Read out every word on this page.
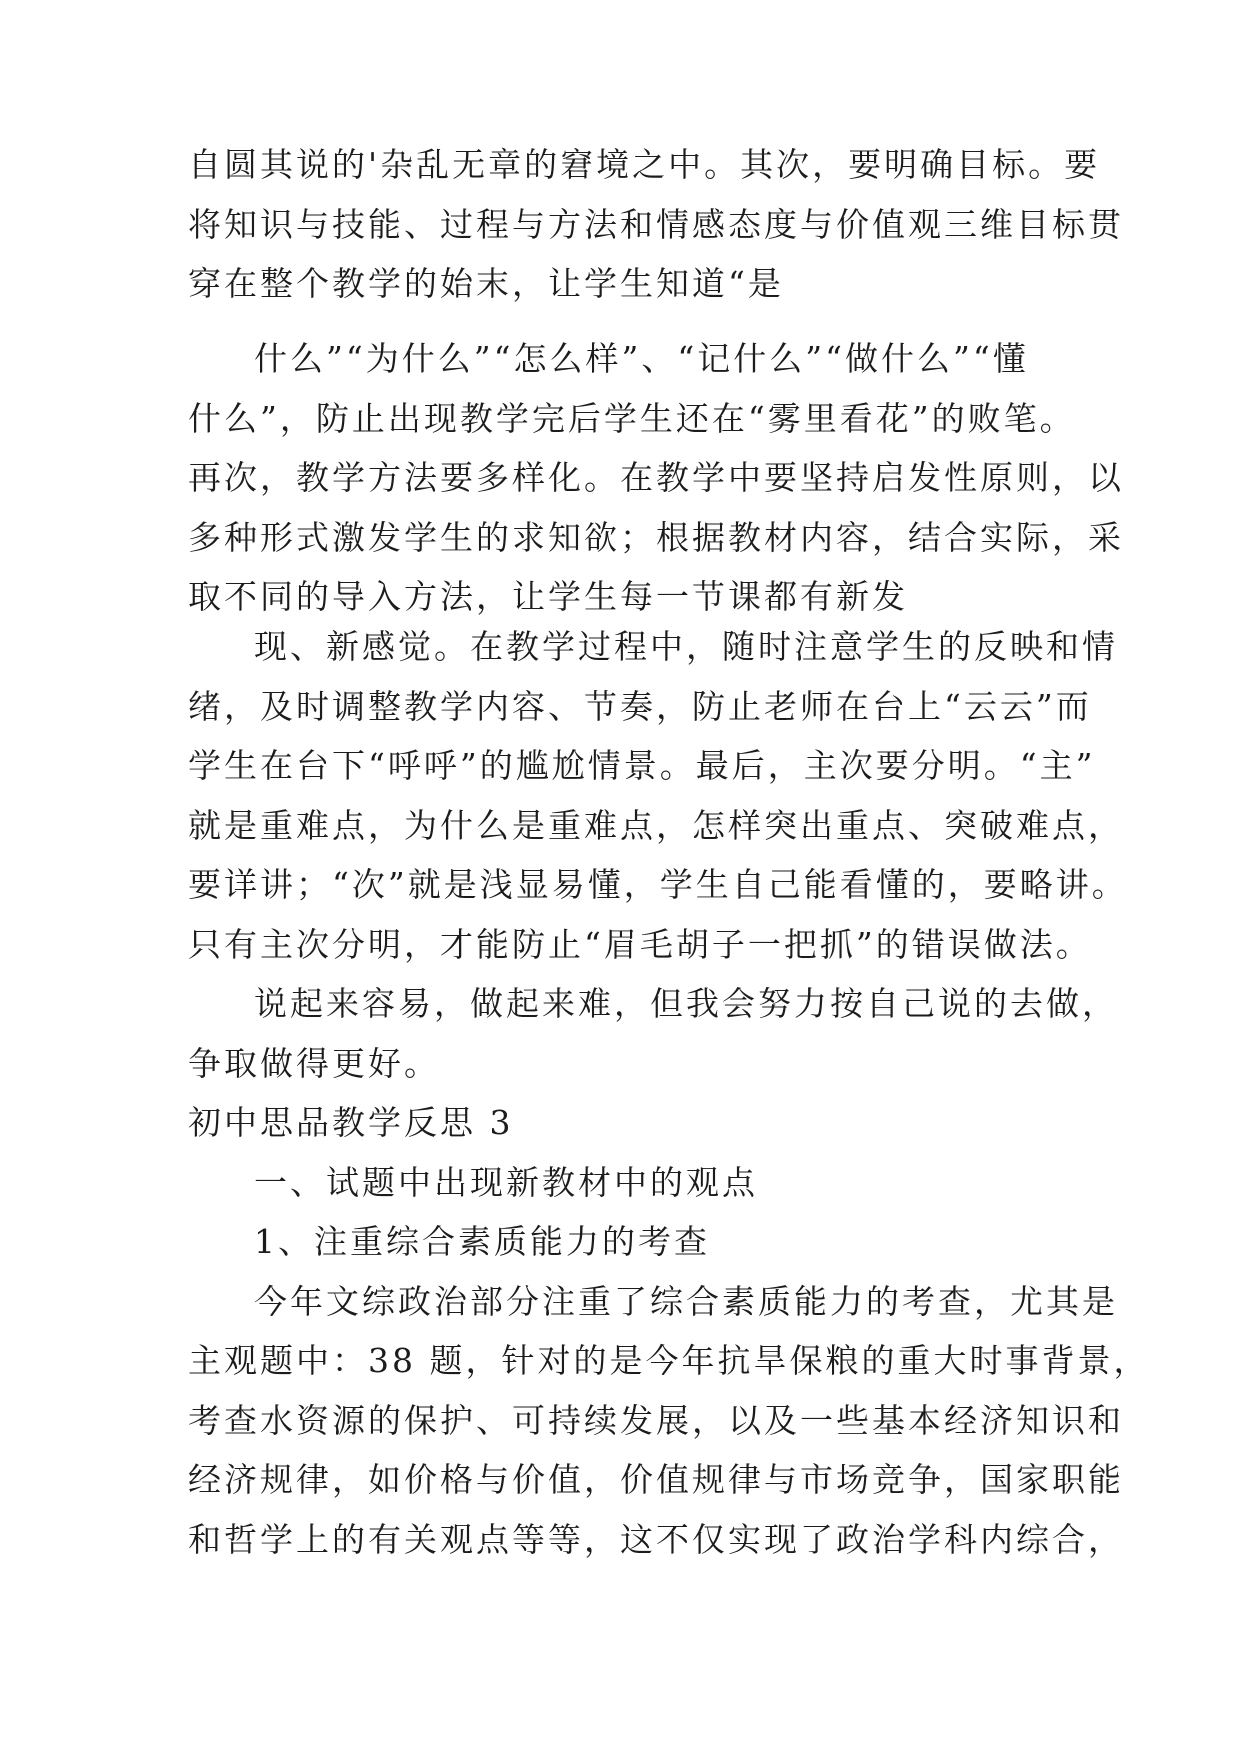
自圆其说的'杂乱无章的窘境之中。其次，要明确目标。要

将知识与技能、过程与方法和情感态度与价值观三维目标贯

穿在整个教学的始末，让学生知道“是

什么”“为什么”“怎么样”、“记什么”“做什么”“懂

什么”，防止出现教学完后学生还在“雾里看花”的败笔。

再次，教学方法要多样化。在教学中要坚持启发性原则，以

多种形式激发学生的求知欲；根据教材内容，结合实际，采

取不同的导入方法，让学生每一节课都有新发

现、新感觉。在教学过程中，随时注意学生的反映和情

绪，及时调整教学内容、节奏，防止老师在台上“云云”而

学生在台下“呼呼”的尴尬情景。最后，主次要分明。“主”

就是重难点，为什么是重难点，怎样突出重点、突破难点，

要详讲；“次”就是浅显易懂，学生自己能看懂的，要略讲。

只有主次分明，才能防止“眉毛胡子一把抓”的错误做法。

说起来容易，做起来难，但我会努力按自己说的去做，

争取做得更好。

初中思品教学反思 3

一、试题中出现新教材中的观点

1、注重综合素质能力的考查

今年文综政治部分注重了综合素质能力的考查，尤其是

主观题中：38 题，针对的是今年抗旱保粮的重大时事背景，

考查水资源的保护、可持续发展，以及一些基本经济知识和

经济规律，如价格与价值，价值规律与市场竞争，国家职能

和哲学上的有关观点等等，这不仅实现了政治学科内综合，
